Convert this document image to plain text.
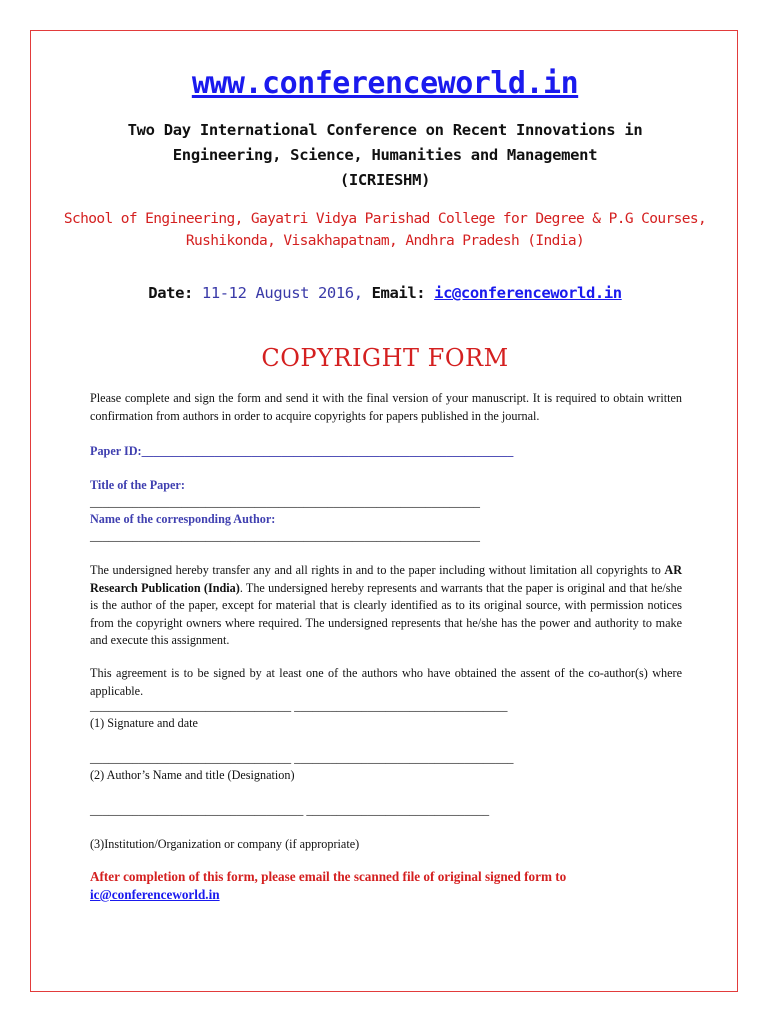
www.conferenceworld.in
Two Day International Conference on Recent Innovations in
Engineering, Science, Humanities and Management
(ICRIESHM)
School of Engineering, Gayatri Vidya Parishad College for Degree & P.G Courses,
Rushikonda, Visakhapatnam, Andhra Pradesh (India)
Date: 11-12 August 2016, Email: ic@conferenceworld.in
COPYRIGHT FORM
Please complete and sign the form and send it with the final version of your manuscript. It is required to obtain written confirmation from authors in order to acquire copyrights for papers published in the journal.
Paper ID:_____________________________________________________________
Title of the Paper:
________________________________________________________________
Name of the corresponding Author:
________________________________________________________________
The undersigned hereby transfer any and all rights in and to the paper including without limitation all copyrights to AR Research Publication (India). The undersigned hereby represents and warrants that the paper is original and that he/she is the author of the paper, except for material that is clearly identified as to its original source, with permission notices from the copyright owners where required. The undersigned represents that he/she has the power and authority to make and execute this assignment.
This agreement is to be signed by at least one of the authors who have obtained the assent of the co-author(s) where applicable.
_________________________________ ___________________________________
(1) Signature and date
_________________________________ ____________________________________
(2) Author’s Name and title (Designation)
___________________________________ ______________________________
(3)Institution/Organization or company (if appropriate)
After completion of this form, please email the scanned file of original signed form to
ic@conferenceworld.in
